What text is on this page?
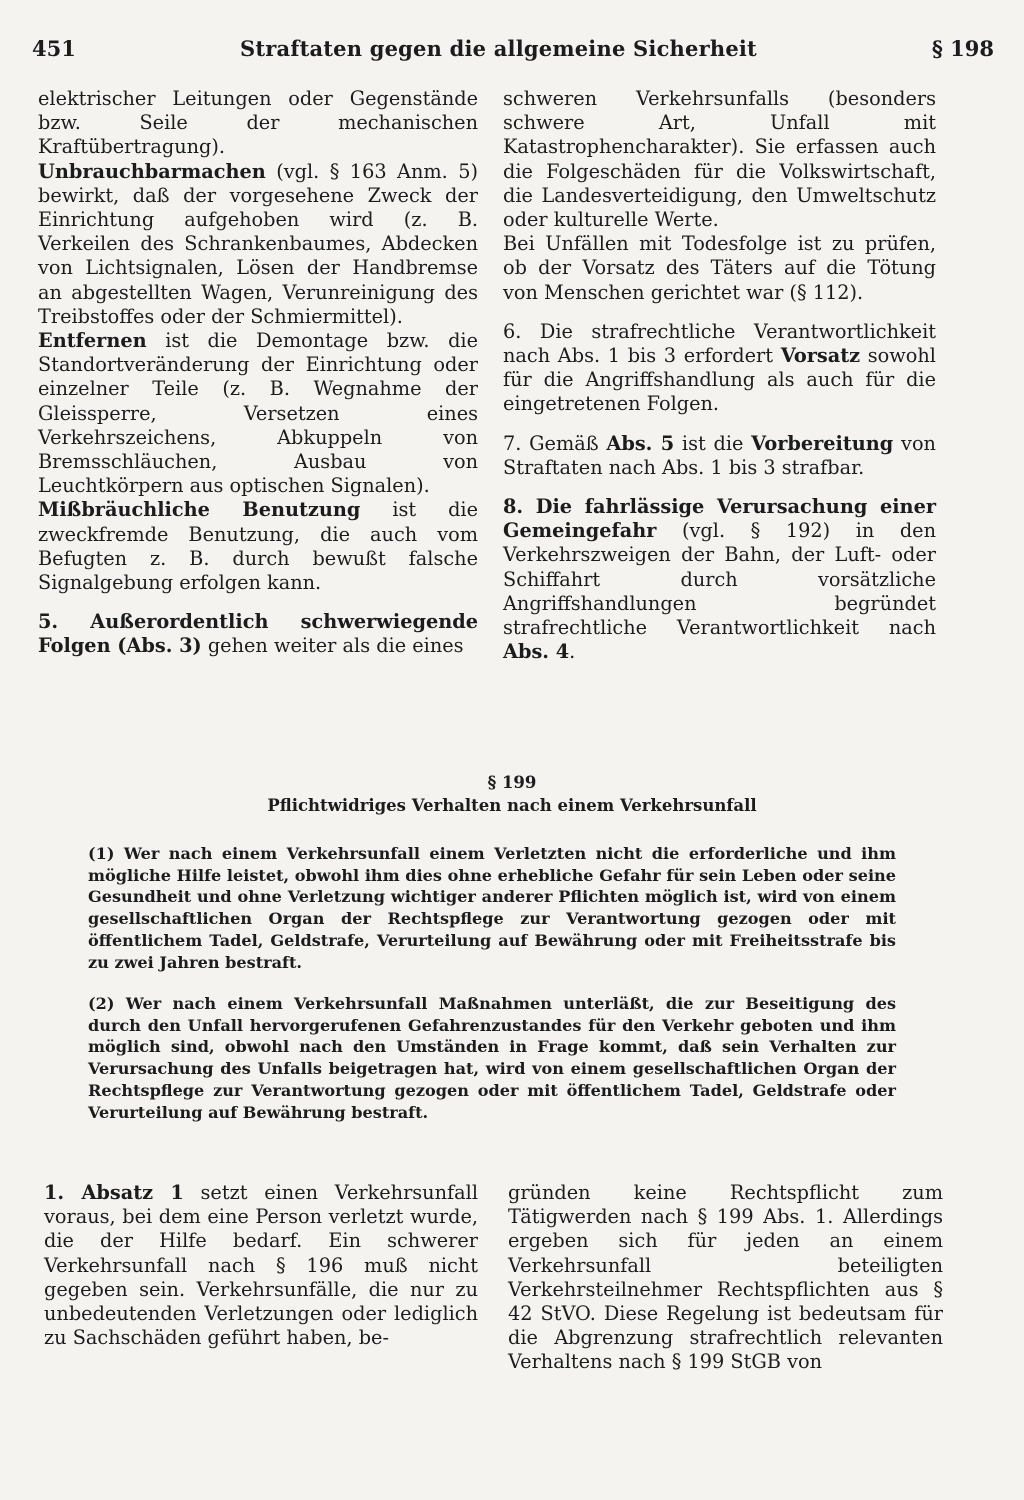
451	Straftaten gegen die allgemeine Sicherheit	§ 198

elektrischer Leitungen oder Gegenstände bzw. Seile der mechanischen Kraftübertragung).

Unbrauchbarmachen (vgl. § 163 Anm. 5) bewirkt, daß der vorgesehene Zweck der Einrichtung aufgehoben wird (z. B. Verkeilen des Schrankenbaumes, Abdecken von Lichtsignalen, Lösen der Handbremse an abgestellten Wagen, Verunreinigung des Treibstoffes oder der Schmiermittel).

Entfernen ist die Demontage bzw. die Standortveränderung der Einrichtung oder einzelner Teile (z. B. Wegnahme der Gleissperre, Versetzen eines Verkehrszeichens, Abkuppeln von Bremsschläuchen, Ausbau von Leuchtkörpern aus optischen Signalen).

Mißbräuchliche Benutzung ist die zweckfremde Benutzung, die auch vom Befugten z. B. durch bewußt falsche Signalgebung erfolgen kann.

5. Außerordentlich schwerwiegende Folgen (Abs. 3) gehen weiter als die eines

schweren Verkehrsunfalls (besonders schwere Art, Unfall mit Katastrophencharakter). Sie erfassen auch die Folgeschäden für die Volkswirtschaft, die Landesverteidigung, den Umweltschutz oder kulturelle Werte.

Bei Unfällen mit Todesfolge ist zu prüfen, ob der Vorsatz des Täters auf die Tötung von Menschen gerichtet war (§ 112).

6. Die strafrechtliche Verantwortlichkeit nach Abs. 1 bis 3 erfordert Vorsatz sowohl für die Angriffshandlung als auch für die eingetretenen Folgen.

7. Gemäß Abs. 5 ist die Vorbereitung von Straftaten nach Abs. 1 bis 3 strafbar.

8. Die fahrlässige Verursachung einer Gemeingefahr (vgl. § 192) in den Verkehrszweigen der Bahn, der Luft- oder Schiffahrt durch vorsätzliche Angriffshandlungen begründet strafrechtliche Verantwortlichkeit nach Abs. 4.

§ 199
Pflichtwidriges Verhalten nach einem Verkehrsunfall
(1) Wer nach einem Verkehrsunfall einem Verletzten nicht die erforderliche und ihm mögliche Hilfe leistet, obwohl ihm dies ohne erhebliche Gefahr für sein Leben oder seine Gesundheit und ohne Verletzung wichtiger anderer Pflichten möglich ist, wird von einem gesellschaftlichen Organ der Rechtspflege zur Verantwortung gezogen oder mit öffentlichem Tadel, Geldstrafe, Verurteilung auf Bewährung oder mit Freiheitsstrafe bis zu zwei Jahren bestraft.
(2) Wer nach einem Verkehrsunfall Maßnahmen unterläßt, die zur Beseitigung des durch den Unfall hervorgerufenen Gefahrenzustandes für den Verkehr geboten und ihm möglich sind, obwohl nach den Umständen in Frage kommt, daß sein Verhalten zur Verursachung des Unfalls beigetragen hat, wird von einem gesellschaftlichen Organ der Rechtspflege zur Verantwortung gezogen oder mit öffentlichem Tadel, Geldstrafe oder Verurteilung auf Bewährung bestraft.

1. Absatz 1 setzt einen Verkehrsunfall voraus, bei dem eine Person verletzt wurde, die der Hilfe bedarf. Ein schwerer Verkehrsunfall nach § 196 muß nicht gegeben sein. Verkehrsunfälle, die nur zu unbedeutenden Verletzungen oder lediglich zu Sachschäden geführt haben, be-

gründen keine Rechtspflicht zum Tätigwerden nach § 199 Abs. 1. Allerdings ergeben sich für jeden an einem Verkehrsunfall beteiligten Verkehrsteilnehmer Rechtspflichten aus § 42 StVO. Diese Regelung ist bedeutsam für die Abgrenzung strafrechtlich relevanten Verhaltens nach § 199 StGB von
